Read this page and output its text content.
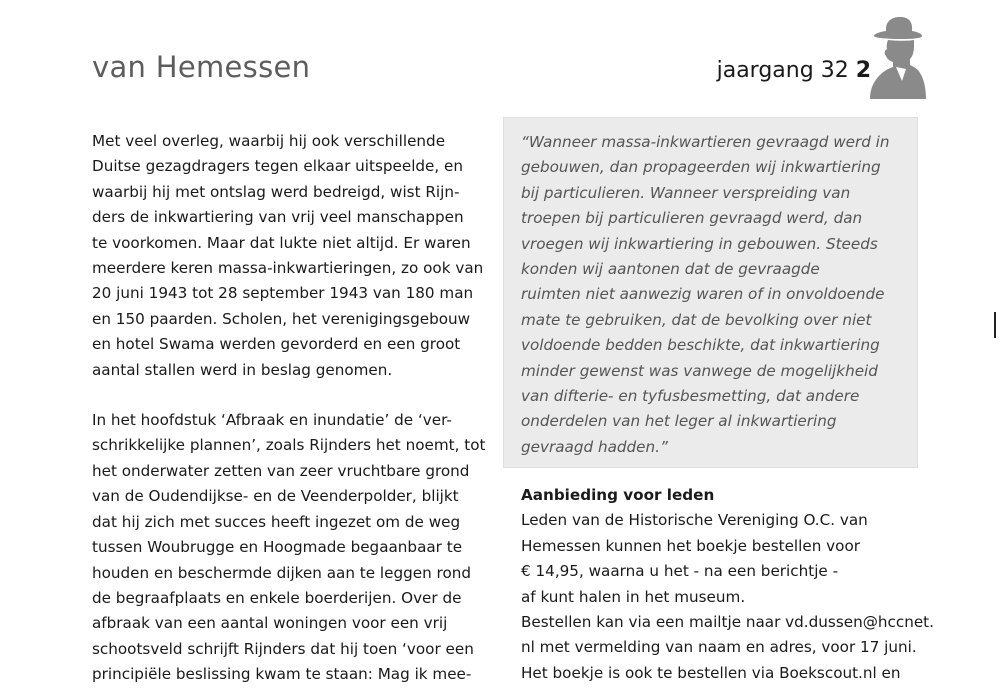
van Hemessen	jaargang 32 2

Met veel overleg, waarbij hij ook verschillende
Duitse gezagdragers tegen elkaar uitspeelde, en
waarbij hij met ontslag werd bedreigd, wist Rijn-
ders de inkwartiering van vrij veel manschappen
te voorkomen. Maar dat lukte niet altijd. Er waren
meerdere keren massa-inkwartieringen, zo ook van
20 juni 1943 tot 28 september 1943 van 180 man
en 150 paarden. Scholen, het verenigingsgebouw
en hotel Swama werden gevorderd en een groot
aantal stallen werd in beslag genomen.

In het hoofdstuk ‘Afbraak en inundatie’ de ‘ver-
schrikkelijke plannen’, zoals Rijnders het noemt, tot
het onderwater zetten van zeer vruchtbare grond
van de Oudendijkse- en de Veenderpolder, blijkt
dat hij zich met succes heeft ingezet om de weg
tussen Woubrugge en Hoogmade begaanbaar te
houden en beschermde dijken aan te leggen rond
de begraafplaats en enkele boerderijen. Over de
afbraak van een aantal woningen voor een vrij
schootsveld schrijft Rijnders dat hij toen ‘voor een
principiële beslissing kwam te staan: Mag ik mee-

“Wanneer massa-inkwartieren gevraagd werd in
gebouwen, dan propageerden wij inkwartiering
bij particulieren. Wanneer verspreiding van
troepen bij particulieren gevraagd werd, dan
vroegen wij inkwartiering in gebouwen. Steeds
konden wij aantonen dat de gevraagde
ruimten niet aanwezig waren of in onvoldoende
mate te gebruiken, dat de bevolking over niet
voldoende bedden beschikte, dat inkwartiering
minder gewenst was vanwege de mogelijkheid
van difterie- en tyfusbesmetting, dat andere
onderdelen van het leger al inkwartiering
gevraagd hadden.”
Aanbieding voor leden
Leden van de Historische Vereniging O.C. van
Hemessen kunnen het boekje bestellen voor
€ 14,95, waarna u het - na een berichtje -
af kunt halen in het museum.
Bestellen kan via een mailtje naar vd.dussen@hccnet.
nl met vermelding van naam en adres, voor 17 juni.
Het boekje is ook te bestellen via Boekscout.nl en
